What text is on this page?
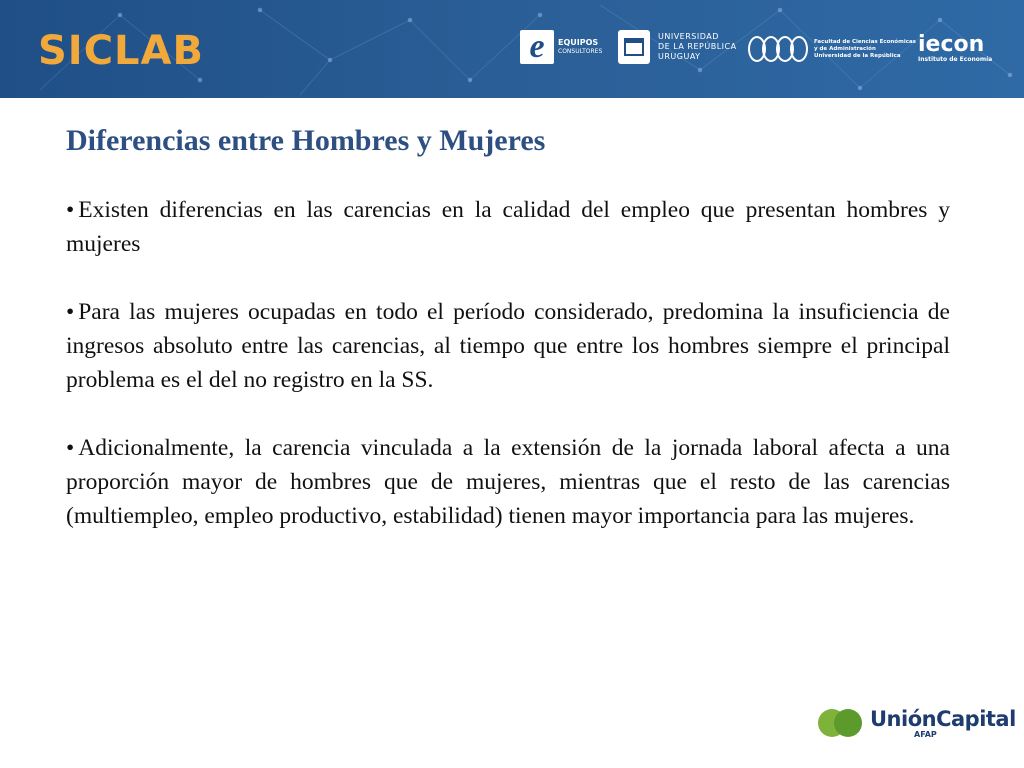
SICLAB	e	EQUIPOS
CONSULTORES
UNIVERSIDAD
DE LA REPÚBLICA
URUGUAY
Facultad de Ciencias Económicas
y de Administración
Universidad de la República iecon
Instituto de Economía
Diferencias entre Hombres y Mujeres
• Existen diferencias en las carencias en la calidad del empleo que presentan hombres y mujeres
• Para las mujeres ocupadas en todo el período considerado, predomina la insuficiencia de ingresos absoluto entre las carencias, al tiempo que entre los hombres siempre el principal problema es el del no registro en la SS.
• Adicionalmente, la carencia vinculada a la extensión de la jornada laboral afecta a una proporción mayor de hombres que de mujeres, mientras que el resto de las carencias (multiempleo, empleo productivo, estabilidad) tienen mayor importancia para las mujeres.
UniónCapital
AFAP
